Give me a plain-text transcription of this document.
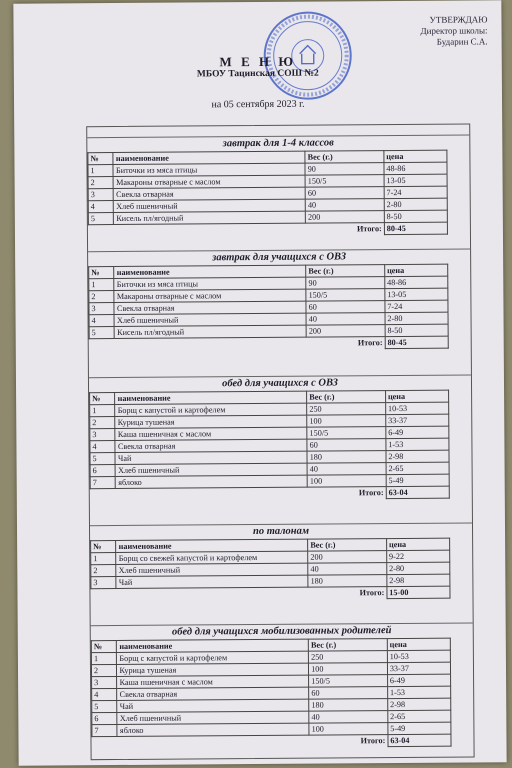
УТВЕРЖДАЮ
Директор школы:
Бударин С.А.
М Е Н Ю
МБОУ Тацинская СОШ №2
на 05 сентября 2023 г.
завтрак для 1-4 классов
№	наименование	Вес (г.)	цена
1	Биточки из мяса птицы	90	48-86
2	Макароны отварные с маслом	150/5	13-05
3	Свекла отварная	60	7-24
4	Хлеб пшеничный	40	2-80
5	Кисель пл/ягодный	200	8-50
Итого:			80-45
завтрак для учащихся с ОВЗ
№	наименование	Вес (г.)	цена
1	Биточки из мяса птицы	90	48-86
2	Макароны отварные с маслом	150/5	13-05
3	Свекла отварная	60	7-24
4	Хлеб пшеничный	40	2-80
5	Кисель пл/ягодный	200	8-50
Итого:			80-45
обед для учащихся с ОВЗ
№	наименование	Вес (г.)	цена
1	Борщ с капустой и картофелем	250	10-53
2	Курица тушеная	100	33-37
3	Каша пшеничная с маслом	150/5	6-49
4	Свекла отварная	60	1-53
5	Чай	180	2-98
6	Хлеб пшеничный	40	2-65
7	яблоко	100	5-49
Итого:			63-04
по талонам
№	наименование	Вес (г.)	цена
1	Борщ со свежей капустой и картофелем	200	9-22
2	Хлеб пшеничный	40	2-80
3	Чай	180	2-98
Итого:			15-00
обед для учащихся мобилизованных родителей
№	наименование	Вес (г.)	цена
1	Борщ с капустой и картофелем	250	10-53
2	Курица тушеная	100	33-37
3	Каша пшеничная с маслом	150/5	6-49
4	Свекла отварная	60	1-53
5	Чай	180	2-98
6	Хлеб пшеничный	40	2-65
7	яблоко	100	5-49
Итого:			63-04
